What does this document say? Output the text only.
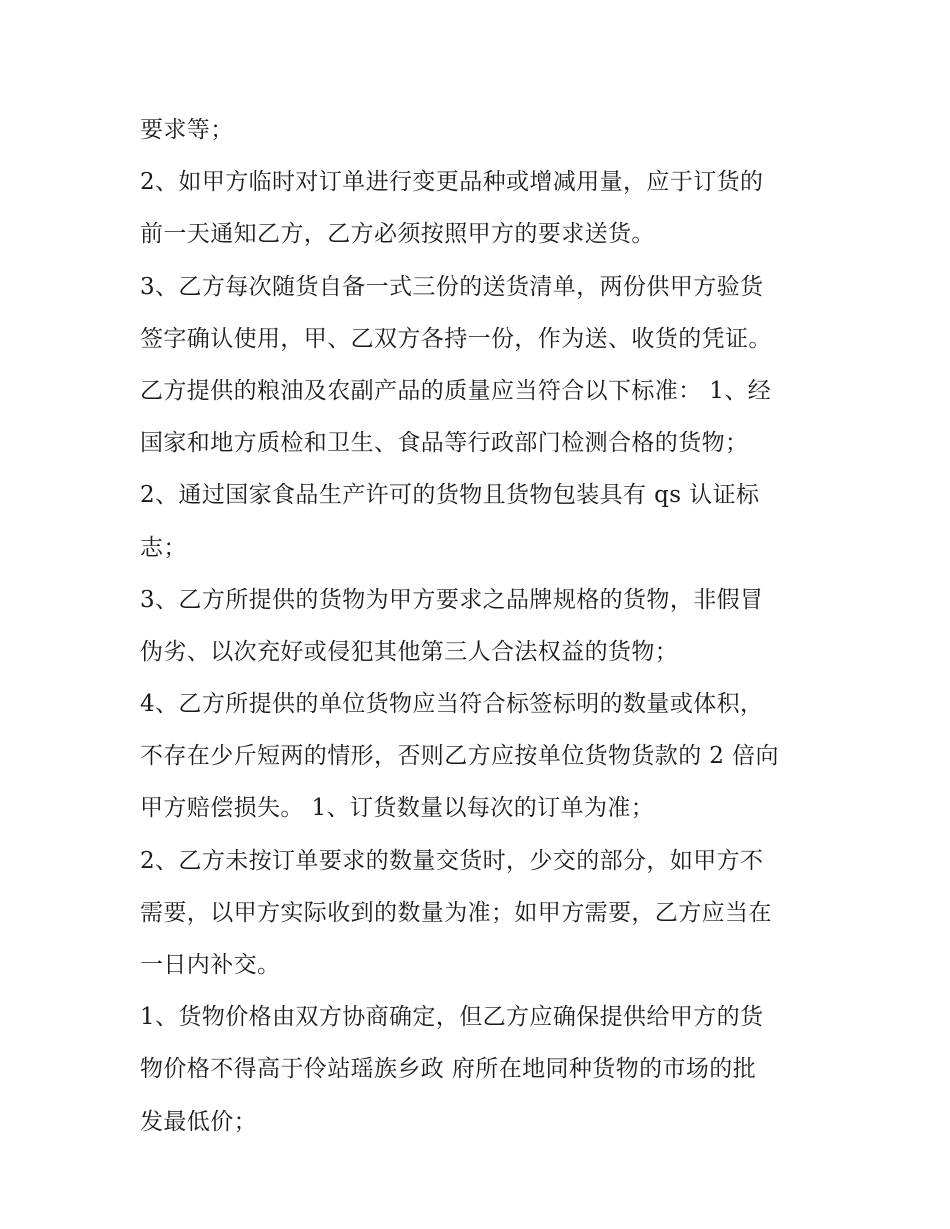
要求等；
2、如甲方临时对订单进行变更品种或增减用量，应于订货的
前一天通知乙方，乙方必须按照甲方的要求送货。
3、乙方每次随货自备一式三份的送货清单，两份供甲方验货
签字确认使用，甲、乙双方各持一份，作为送、收货的凭证。
乙方提供的粮油及农副产品的质量应当符合以下标准： 1、经
国家和地方质检和卫生、食品等行政部门检测合格的货物；
2、通过国家食品生产许可的货物且货物包装具有 qs 认证标
志；
3、乙方所提供的货物为甲方要求之品牌规格的货物，非假冒
伪劣、以次充好或侵犯其他第三人合法权益的货物；
4、乙方所提供的单位货物应当符合标签标明的数量或体积，
不存在少斤短两的情形，否则乙方应按单位货物货款的 2 倍向
甲方赔偿损失。 1、订货数量以每次的订单为准；
2、乙方未按订单要求的数量交货时，少交的部分，如甲方不
需要，以甲方实际收到的数量为准；如甲方需要，乙方应当在
一日内补交。
1、货物价格由双方协商确定，但乙方应确保提供给甲方的货
物价格不得高于伶站瑶族乡政 府所在地同种货物的市场的批
发最低价；
